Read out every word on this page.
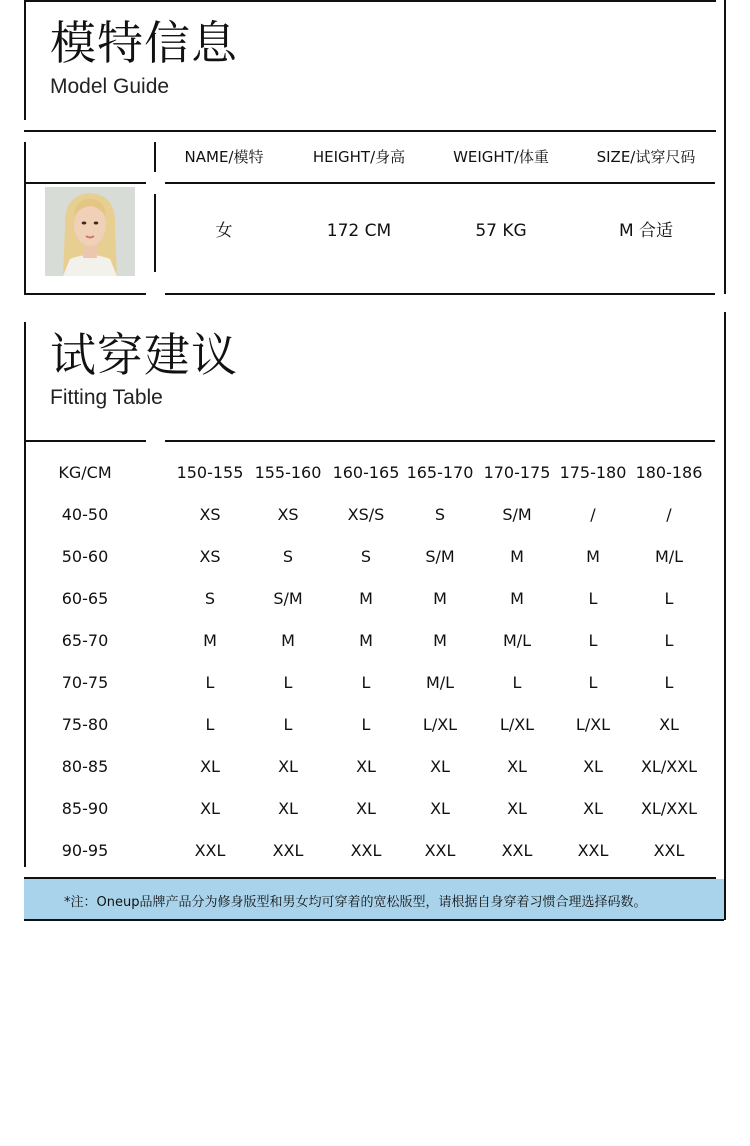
模特信息
Model Guide
NAME/模特	HEIGHT/身高	WEIGHT/体重	SIZE/试穿尺码
女	172 CM	57 KG	M 合适
试穿建议
Fitting Table
KG/CM	150-155 155-160 160-165 165-170 170-175 175-180 180-186
40-50	XS	XS	XS/S	S	S/M	/	/
50-60	XS	S	S	S/M	M	M	M/L
60-65	S	S/M	M	M	M	L	L
65-70	M	M	M	M	M/L	L	L
70-75	L	L	L	M/L	L	L	L
75-80	L	L	L	L/XL	L/XL	L/XL	XL
80-85	XL	XL	XL	XL	XL	XL	XL/XXL
85-90	XL	XL	XL	XL	XL	XL	XL/XXL
90-95	XXL	XXL	XXL	XXL	XXL	XXL	XXL
*注：Oneup品牌产品分为修身版型和男女均可穿着的宽松版型，请根据自身穿着习惯合理选择码数。
